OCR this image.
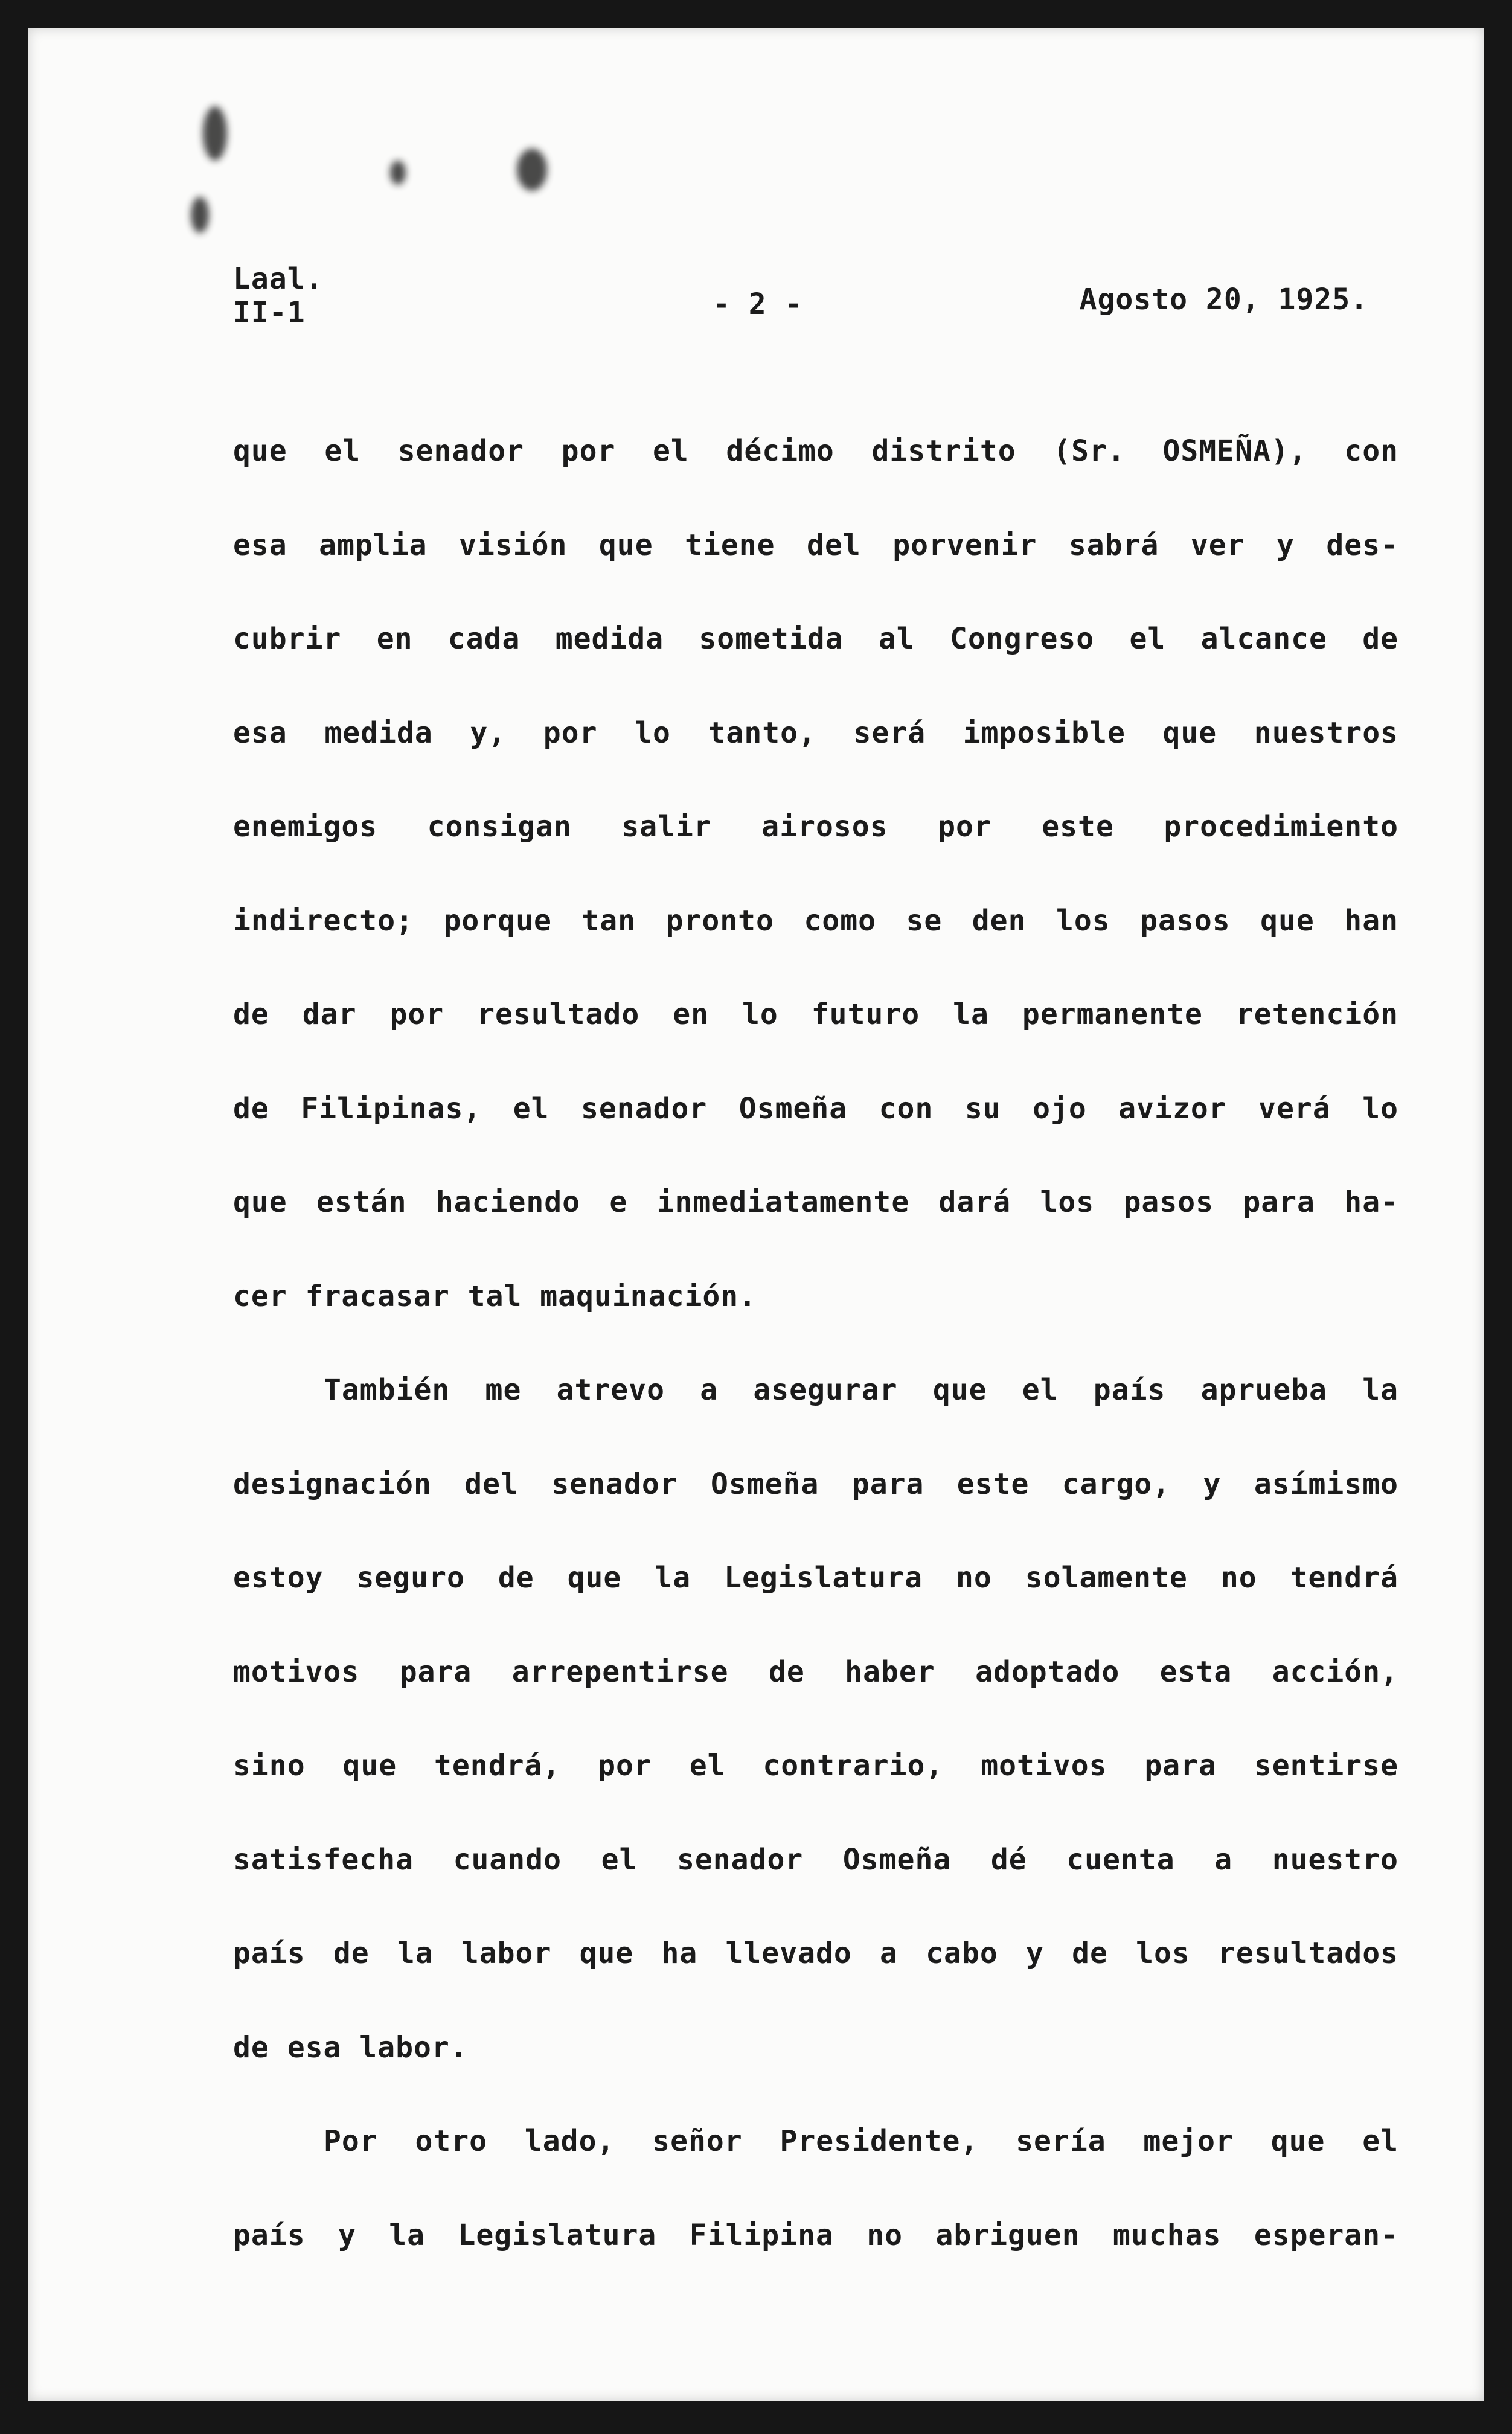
Laal.
II-1	- 2 -	Agosto 20, 1925.
que el senador por el décimo distrito (Sr. OSMEÑA), con
esa amplia visión que tiene del porvenir sabrá ver y des-
cubrir en cada medida sometida al Congreso el alcance de
esa medida y, por lo tanto, será imposible que nuestros
enemigos consigan salir airosos por este procedimiento
indirecto; porque tan pronto como se den los pasos que han
de dar por resultado en lo futuro la permanente retención
de Filipinas, el senador Osmeña con su ojo avizor verá lo
que están haciendo e inmediatamente dará los pasos para ha-
cer fracasar tal maquinación.
También me atrevo a asegurar que el país aprueba la
designación del senador Osmeña para este cargo, y asímismo
estoy seguro de que la Legislatura no solamente no tendrá
motivos para arrepentirse de haber adoptado esta acción,
sino que tendrá, por el contrario, motivos para sentirse
satisfecha cuando el senador Osmeña dé cuenta a nuestro
país de la labor que ha llevado a cabo y de los resultados
de esa labor.
Por otro lado, señor Presidente, sería mejor que el
país y la Legislatura Filipina no abriguen muchas esperan-
